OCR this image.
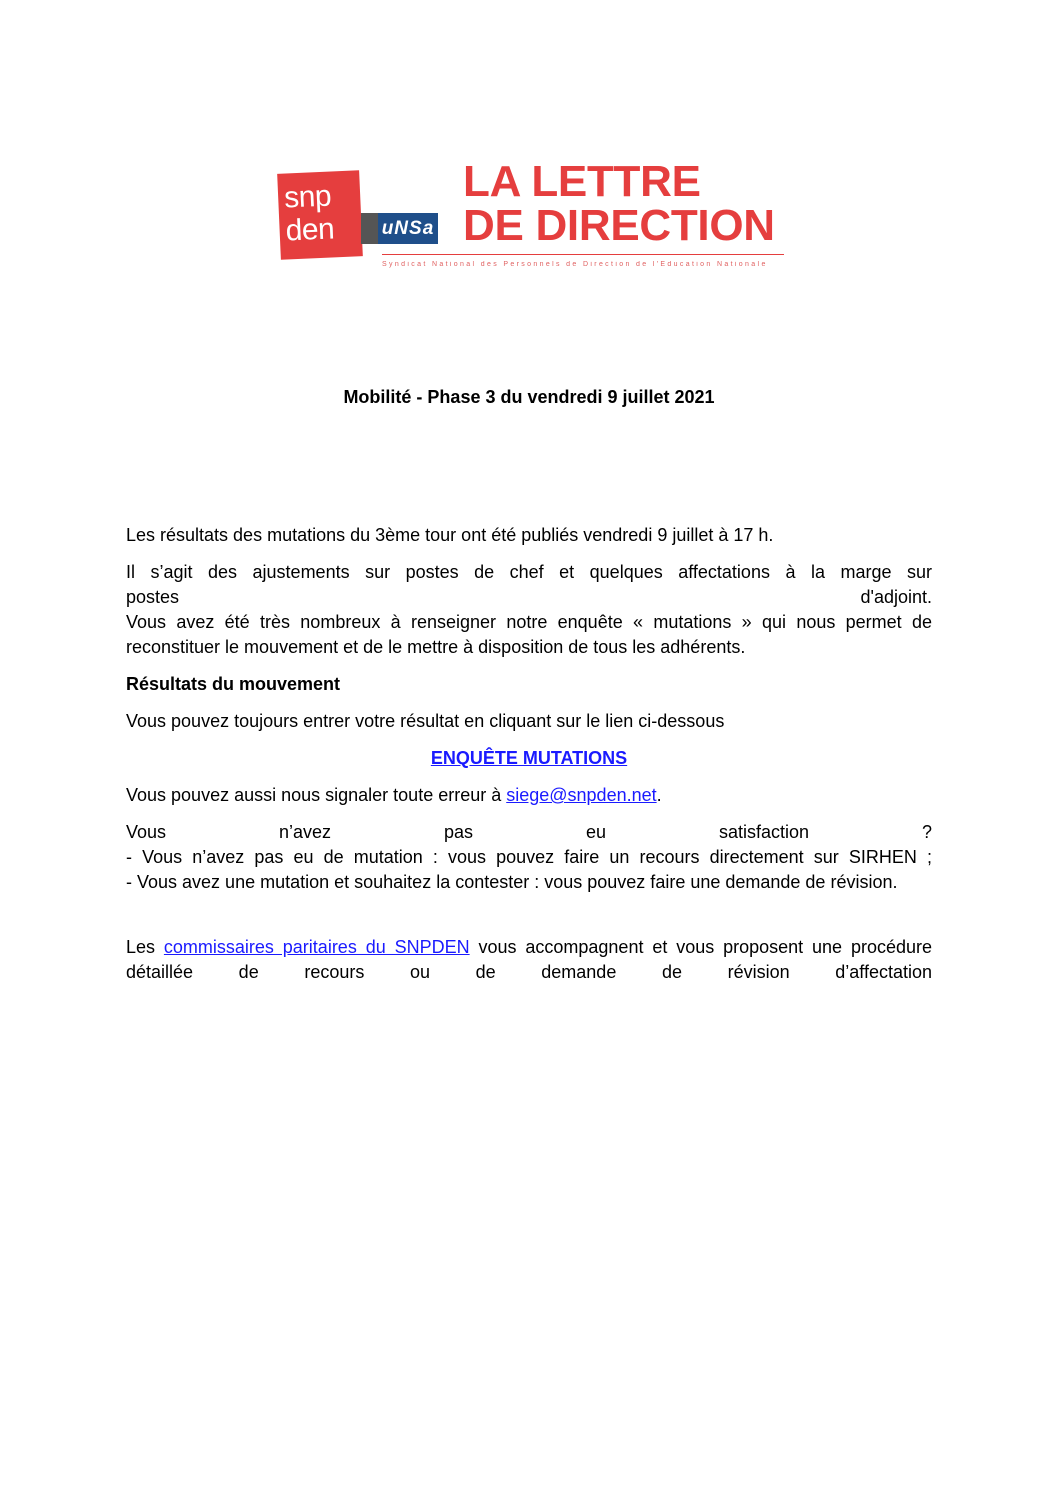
snp
den uNSa
LA LETTRE
DE DIRECTION
Syndicat National des Personnels de Direction de l'Education Nationale
Mobilité - Phase 3 du vendredi 9 juillet 2021

Les résultats des mutations du 3ème tour ont été publiés vendredi 9 juillet à 17 h.

Il s’agit des ajustements sur postes de chef et quelques affectations à la marge sur
postes d'adjoint.
Vous avez été très nombreux à renseigner notre enquête « mutations » qui nous permet de reconstituer le mouvement et de le mettre à disposition de tous les adhérents.

Résultats du mouvement

Vous pouvez toujours entrer votre résultat en cliquant sur le lien ci-dessous

ENQUÊTE MUTATIONS

Vous pouvez aussi nous signaler toute erreur à siege@snpden.net.

Vous n’avez pas eu satisfaction ?
- Vous n’avez pas eu de mutation : vous pouvez faire un recours directement sur SIRHEN ;
- Vous avez une mutation et souhaitez la contester : vous pouvez faire une demande de révision.

Les commissaires paritaires du SNPDEN vous accompagnent et vous proposent une procédure détaillée de recours ou de demande de révision d’affectation
